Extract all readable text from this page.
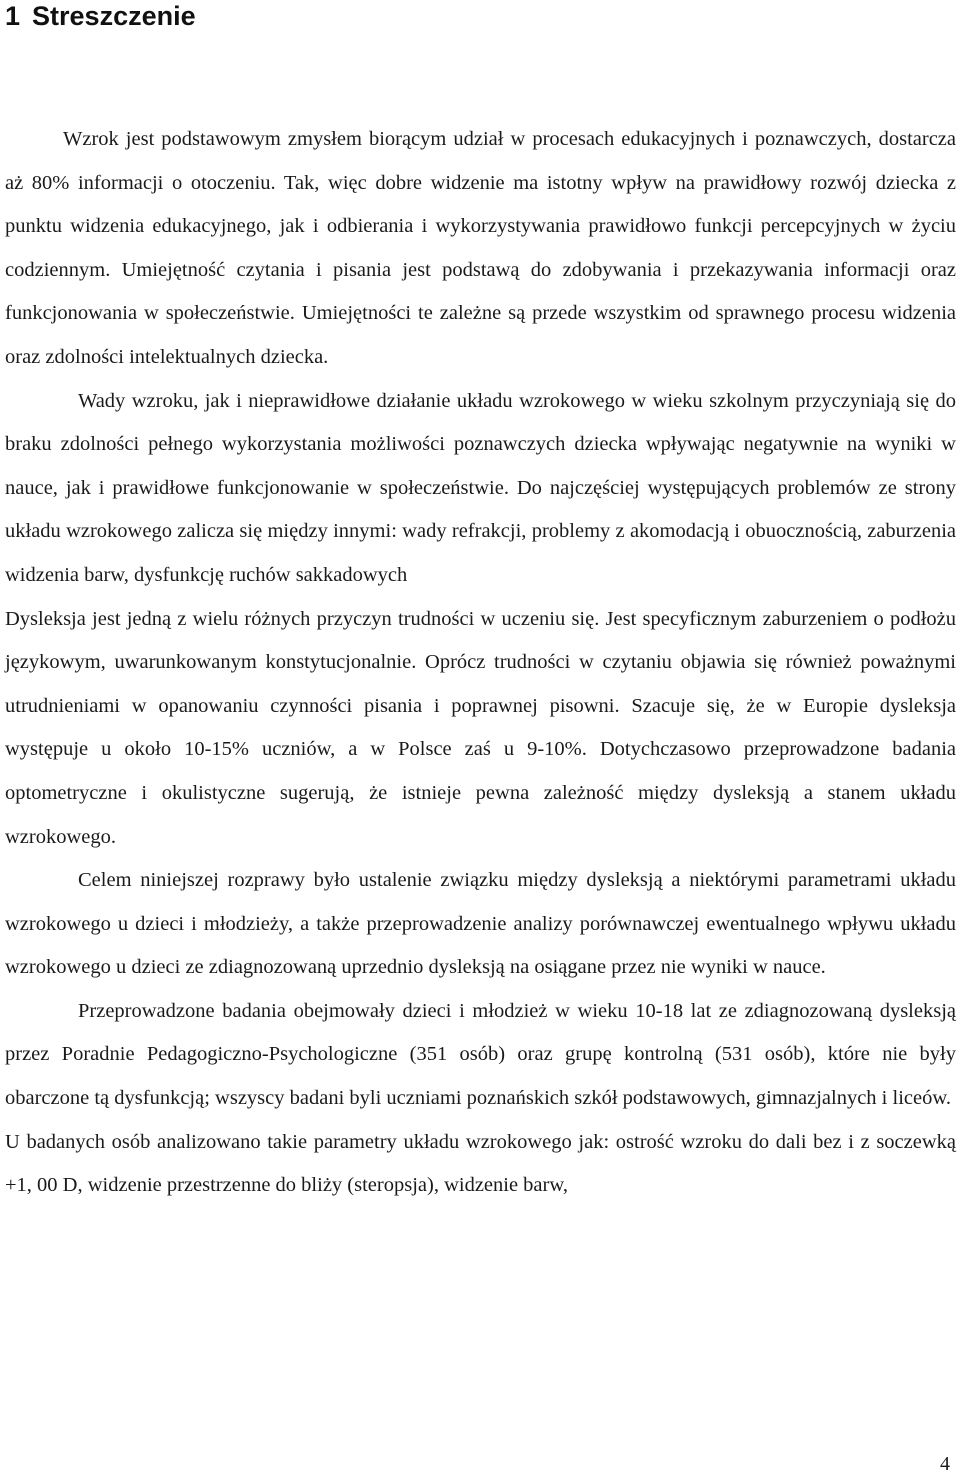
1 Streszczenie

Wzrok jest podstawowym zmysłem biorącym udział w procesach edukacyjnych i poznawczych, dostarcza aż 80% informacji o otoczeniu. Tak, więc dobre widzenie ma istotny wpływ na prawidłowy rozwój dziecka z punktu widzenia edukacyjnego, jak i odbierania i wykorzystywania prawidłowo funkcji percepcyjnych w życiu codziennym. Umiejętność czytania i pisania jest podstawą do zdobywania i przekazywania informacji oraz funkcjonowania w społeczeństwie. Umiejętności te zależne są przede wszystkim od sprawnego procesu widzenia oraz zdolności intelektualnych dziecka.

Wady wzroku, jak i nieprawidłowe działanie układu wzrokowego w wieku szkolnym przyczyniają się do braku zdolności pełnego wykorzystania możliwości poznawczych dziecka wpływając negatywnie na wyniki w nauce, jak i prawidłowe funkcjonowanie w społeczeństwie. Do najczęściej występujących problemów ze strony układu wzrokowego zalicza się między innymi: wady refrakcji, problemy z akomodacją i obuocznością, zaburzenia widzenia barw, dysfunkcję ruchów sakkadowych

Dysleksja jest jedną z wielu różnych przyczyn trudności w uczeniu się. Jest specyficznym zaburzeniem o podłożu językowym, uwarunkowanym konstytucjonalnie. Oprócz trudności w czytaniu objawia się również poważnymi utrudnieniami w opanowaniu czynności pisania i poprawnej pisowni. Szacuje się, że w Europie dysleksja występuje u około 10-15% uczniów, a w Polsce zaś u 9-10%. Dotychczasowo przeprowadzone badania optometryczne i okulistyczne sugerują, że istnieje pewna zależność między dysleksją a stanem układu wzrokowego.

Celem niniejszej rozprawy było ustalenie związku między dysleksją a niektórymi parametrami układu wzrokowego u dzieci i młodzieży, a także przeprowadzenie analizy porównawczej ewentualnego wpływu układu wzrokowego u dzieci ze zdiagnozowaną uprzednio dysleksją na osiągane przez nie wyniki w nauce.

Przeprowadzone badania obejmowały dzieci i młodzież w wieku 10-18 lat ze zdiagnozowaną dysleksją przez Poradnie Pedagogiczno-Psychologiczne (351 osób) oraz grupę kontrolną (531 osób), które nie były obarczone tą dysfunkcją; wszyscy badani byli uczniami poznańskich szkół podstawowych, gimnazjalnych i liceów.

U badanych osób analizowano takie parametry układu wzrokowego jak: ostrość wzroku do dali bez i z soczewką +1, 00 D, widzenie przestrzenne do bliży (steropsja), widzenie barw,

4
